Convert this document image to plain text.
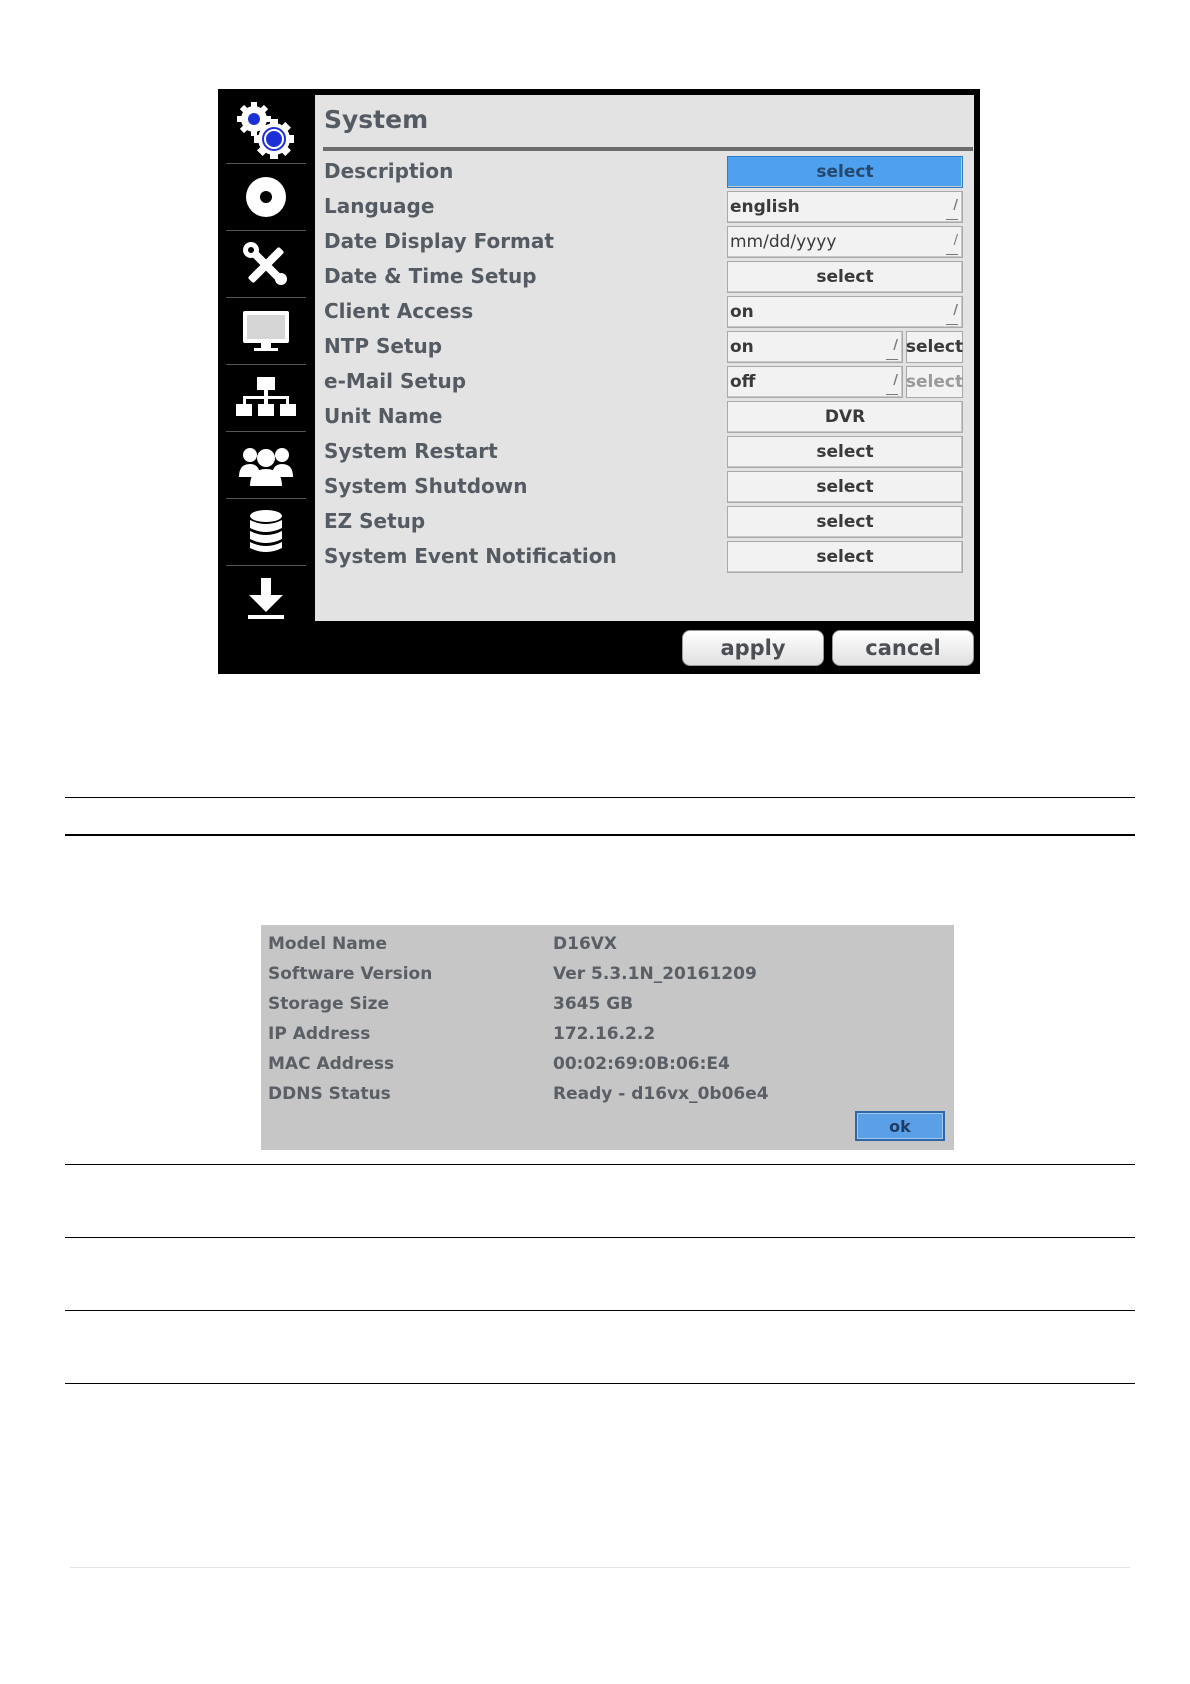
System
Description	select
Language	english	/
Date Display Format	mm/dd/yyyy	/
Date & Time Setup	select
Client Access	on	/
NTP Setup	on	/ select
e-Mail Setup	off	/ select
Unit Name	DVR
System Restart	select
System Shutdown	select
EZ Setup	select
System Event Notification	select
apply	cancel
Model Name	D16VX
Software Version	Ver 5.3.1N_20161209
Storage Size	3645 GB
IP Address	172.16.2.2
MAC Address	00:02:69:0B:06:E4
DDNS Status	Ready - d16vx_0b06e4
ok
